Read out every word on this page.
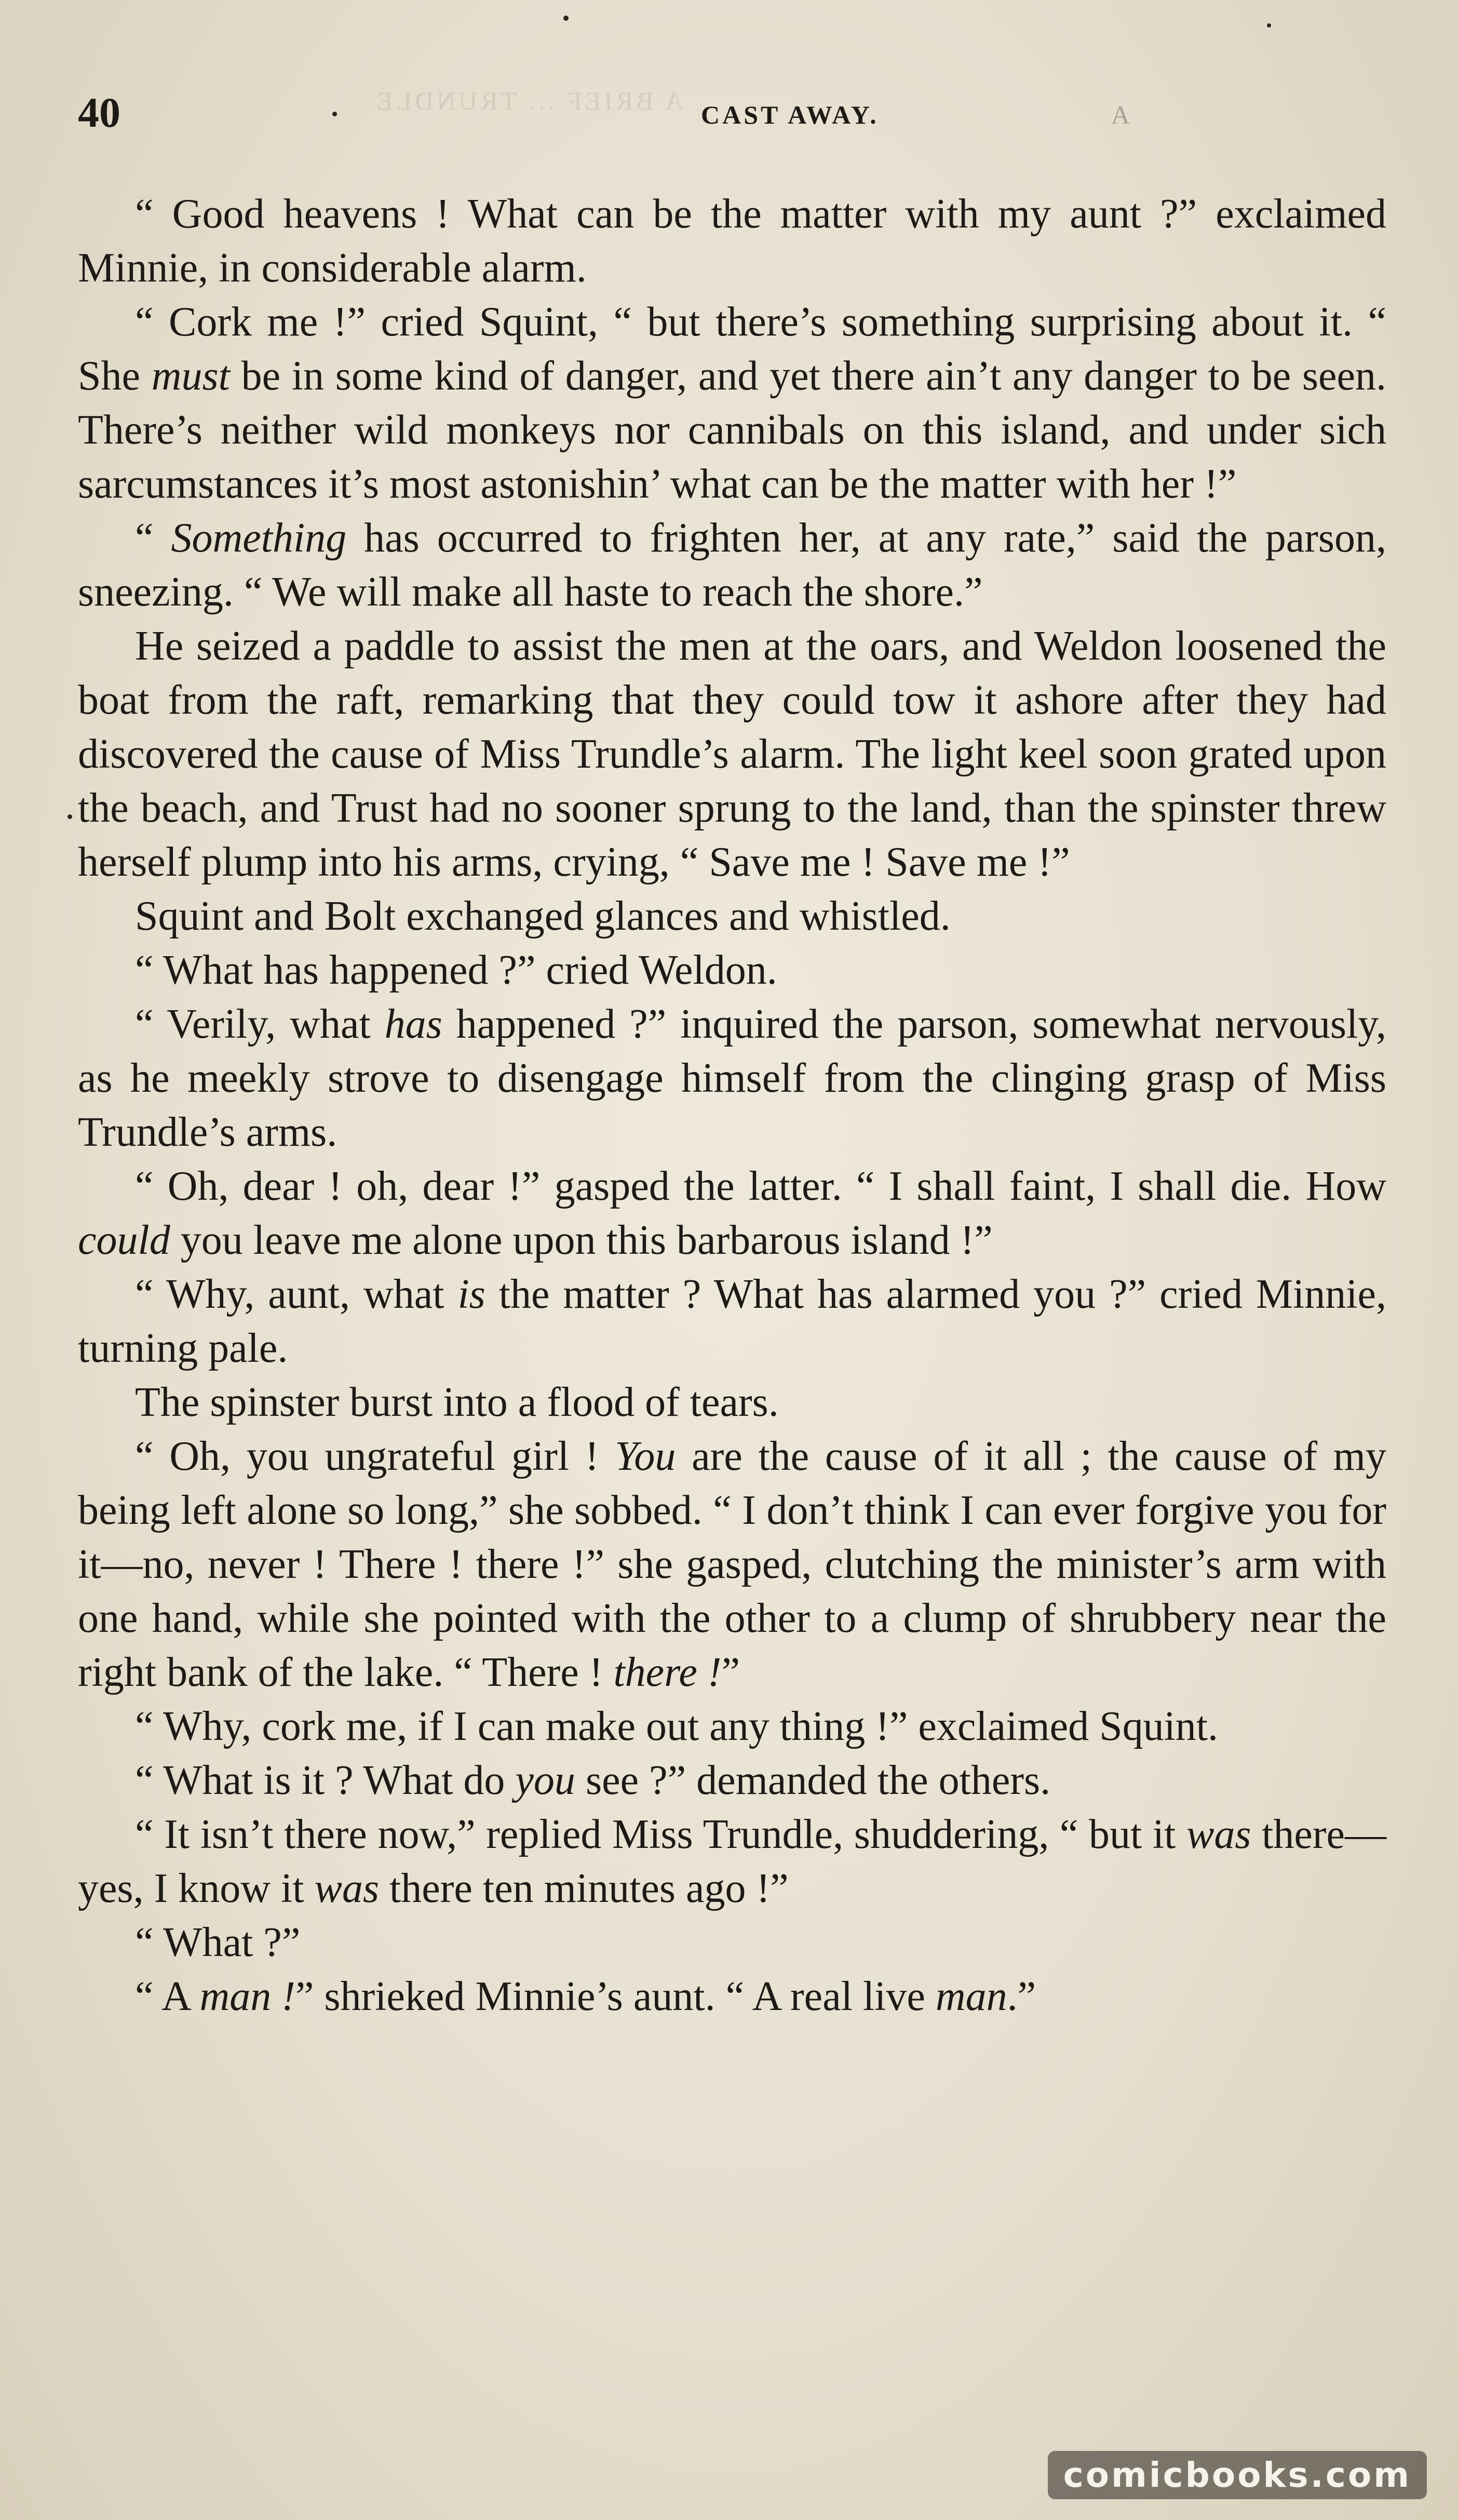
A BRIEF ... TRUNDLE
40	CAST AWAY.	A

“ Good heavens ! What can be the matter with my aunt ?” exclaimed Minnie, in considerable alarm.

“ Cork me !” cried Squint, “ but there’s something surprising about it. “ She must be in some kind of danger, and yet there ain’t any danger to be seen. There’s neither wild monkeys nor cannibals on this island, and under sich sarcumstances it’s most astonishin’ what can be the matter with her !”

“ Something has occurred to frighten her, at any rate,” said the parson, sneezing. “ We will make all haste to reach the shore.”

He seized a paddle to assist the men at the oars, and Weldon loosened the boat from the raft, remarking that they could tow it ashore after they had discovered the cause of Miss Trundle’s alarm. The light keel soon grated upon the beach, and Trust had no sooner sprung to the land, than the spinster threw herself plump into his arms, crying, “ Save me ! Save me !”

Squint and Bolt exchanged glances and whistled.

“ What has happened ?” cried Weldon.

“ Verily, what has happened ?” inquired the parson, somewhat nervously, as he meekly strove to disengage himself from the clinging grasp of Miss Trundle’s arms.

“ Oh, dear ! oh, dear !” gasped the latter. “ I shall faint, I shall die. How could you leave me alone upon this barbarous island !”

“ Why, aunt, what is the matter ? What has alarmed you ?” cried Minnie, turning pale.

The spinster burst into a flood of tears.

“ Oh, you ungrateful girl ! You are the cause of it all ; the cause of my being left alone so long,” she sobbed. “ I don’t think I can ever forgive you for it—no, never ! There ! there !” she gasped, clutching the minister’s arm with one hand, while she pointed with the other to a clump of shrubbery near the right bank of the lake. “ There ! there !”

“ Why, cork me, if I can make out any thing !” exclaimed Squint.

“ What is it ? What do you see ?” demanded the others.

“ It isn’t there now,” replied Miss Trundle, shuddering, “ but it was there—yes, I know it was there ten minutes ago !”

“ What ?”

“ A man !” shrieked Minnie’s aunt. “ A real live man.”

comicbooks.com
